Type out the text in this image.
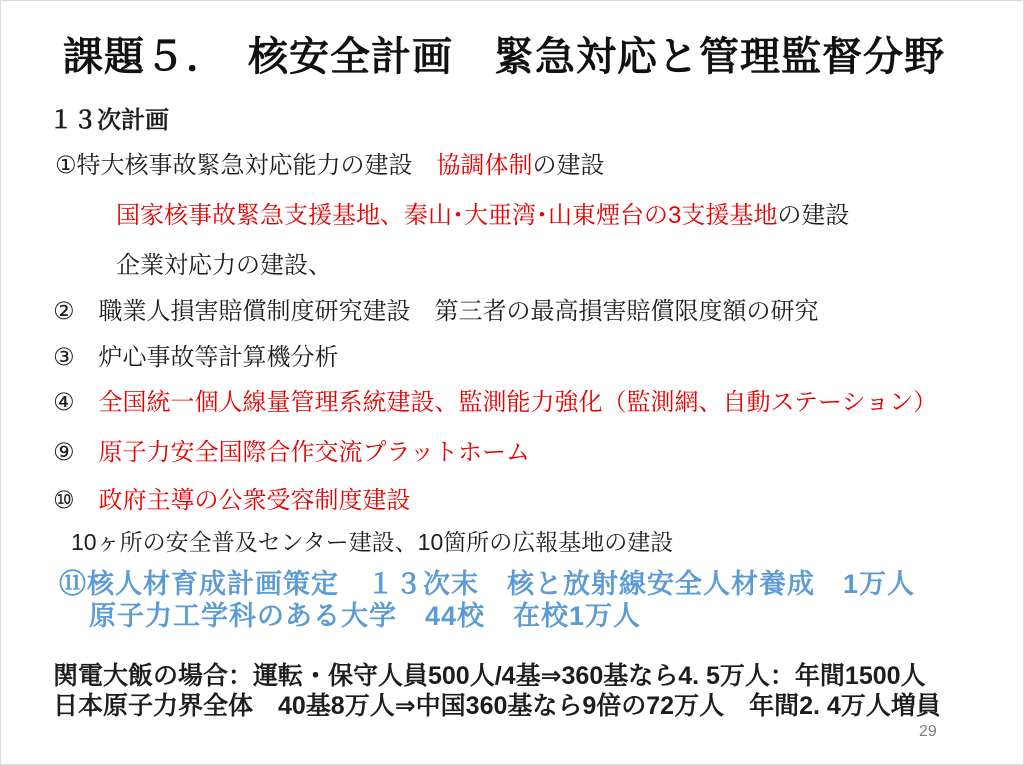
課題５．　核安全計画　緊急対応と管理監督分野
１３次計画
①特大核事故緊急対応能力の建設　協調体制の建設
国家核事故緊急支援基地、秦山･大亜湾･山東煙台の3支援基地の建設
企業対応力の建設、
②　職業人損害賠償制度研究建設　第三者の最高損害賠償限度額の研究
③　炉心事故等計算機分析
④　全国統一個人線量管理系統建設、監測能力強化（監測網、自動ステーション）
⑨　原子力安全国際合作交流プラットホーム
⑩　政府主導の公衆受容制度建設
10ヶ所の安全普及センター建設、10箇所の広報基地の建設
⑪核人材育成計画策定　１３次末　核と放射線安全人材養成　1万人
原子力工学科のある大学　44校　在校1万人
関電大飯の場合：運転・保守人員500人/4基⇒360基なら4. 5万人：年間1500人
日本原子力界全体　40基8万人⇒中国360基なら9倍の72万人　年間2. 4万人増員
29
